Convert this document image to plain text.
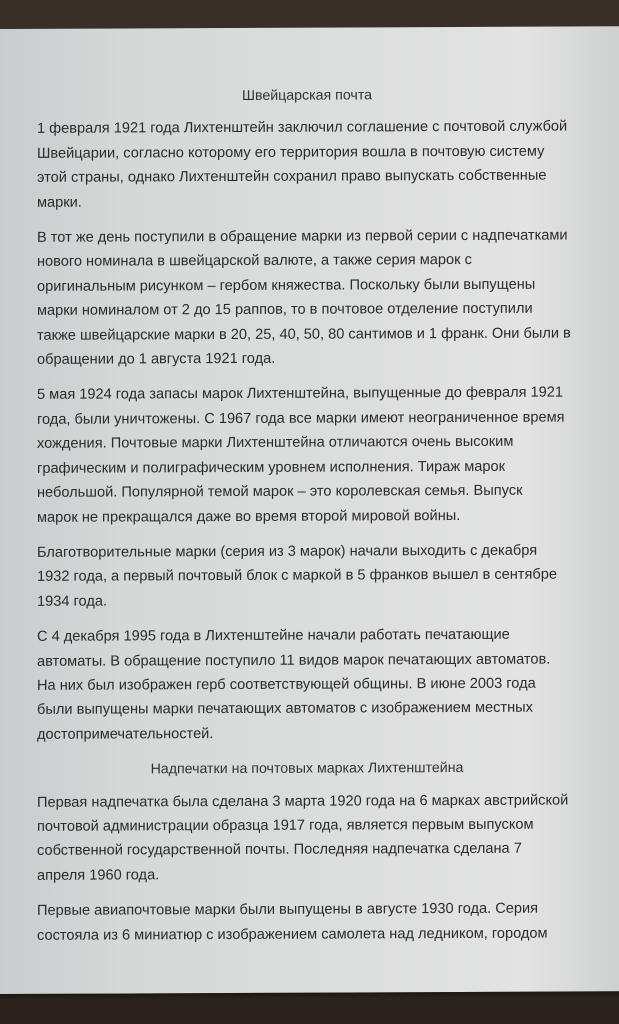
Швейцарская почта

1 февраля 1921 года Лихтенштейн заключил соглашение с почтовой службой
Швейцарии, согласно которому его территория вошла в почтовую систему
этой страны, однако Лихтенштейн сохранил право выпускать собственные
марки.

В тот же день поступили в обращение марки из первой серии с надпечатками
нового номинала в швейцарской валюте, а также серия марок с
оригинальным рисунком – гербом княжества. Поскольку были выпущены
марки номиналом от 2 до 15 раппов, то в почтовое отделение поступили
также швейцарские марки в 20, 25, 40, 50, 80 сантимов и 1 франк. Они были в
обращении до 1 августа 1921 года.

5 мая 1924 года запасы марок Лихтенштейна, выпущенные до февраля 1921
года, были уничтожены. С 1967 года все марки имеют неограниченное время
хождения. Почтовые марки Лихтенштейна отличаются очень высоким
графическим и полиграфическим уровнем исполнения. Тираж марок
небольшой. Популярной темой марок – это королевская семья. Выпуск
марок не прекращался даже во время второй мировой войны.

Благотворительные марки (серия из 3 марок) начали выходить с декабря
1932 года, а первый почтовый блок с маркой в 5 франков вышел в сентябре
1934 года.

С 4 декабря 1995 года в Лихтенштейне начали работать печатающие
автоматы. В обращение поступило 11 видов марок печатающих автоматов.
На них был изображен герб соответствующей общины. В июне 2003 года
были выпущены марки печатающих автоматов с изображением местных
достопримечательностей.

Надпечатки на почтовых марках Лихтенштейна

Первая надпечатка была сделана 3 марта 1920 года на 6 марках австрийской
почтовой администрации образца 1917 года, является первым выпуском
собственной государственной почты. Последняя надпечатка сделана 7
апреля 1960 года.

Первые авиапочтовые марки были выпущены в августе 1930 года. Серия
состояла из 6 миниатюр с изображением самолета над ледником, городом
